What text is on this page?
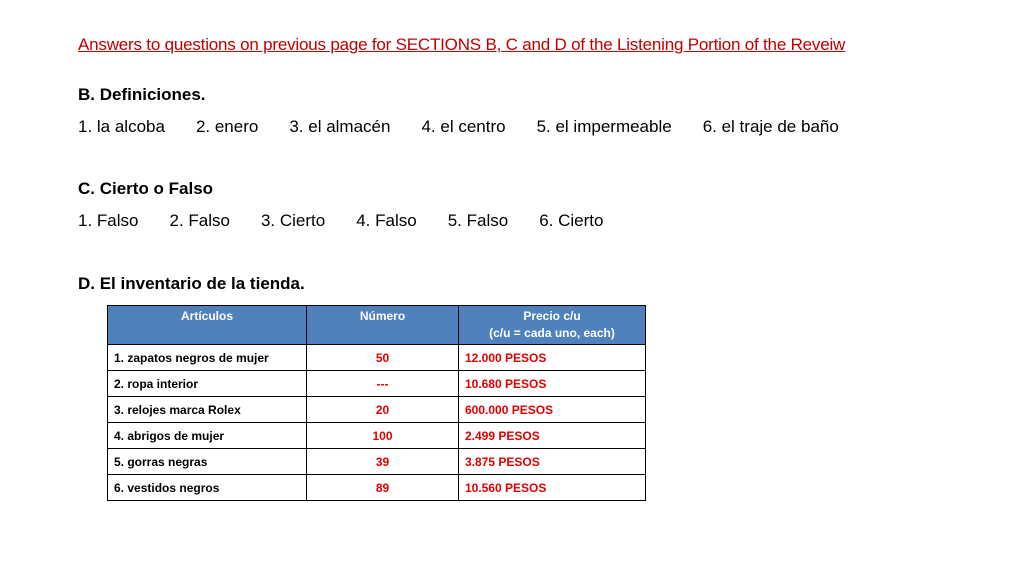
Answers to questions on previous page for SECTIONS B, C and D of the Listening Portion of the Reveiw
B. Definiciones.
1. la alcoba 2. enero 3. el almacén 4. el centro 5. el impermeable 6. el traje de baño
C. Cierto o Falso
1. Falso 2. Falso 3. Cierto 4. Falso 5. Falso 6. Cierto
D. El inventario de la tienda.
Artículos	Número	Precio c/u
(c/u = cada uno, each)

1. zapatos negros de mujer	50	12.000 PESOS
2. ropa interior	---	10.680 PESOS
3. relojes marca Rolex	20	600.000 PESOS
4. abrigos de mujer	100	2.499 PESOS
5. gorras negras	39	3.875 PESOS
6. vestidos negros	89	10.560 PESOS
